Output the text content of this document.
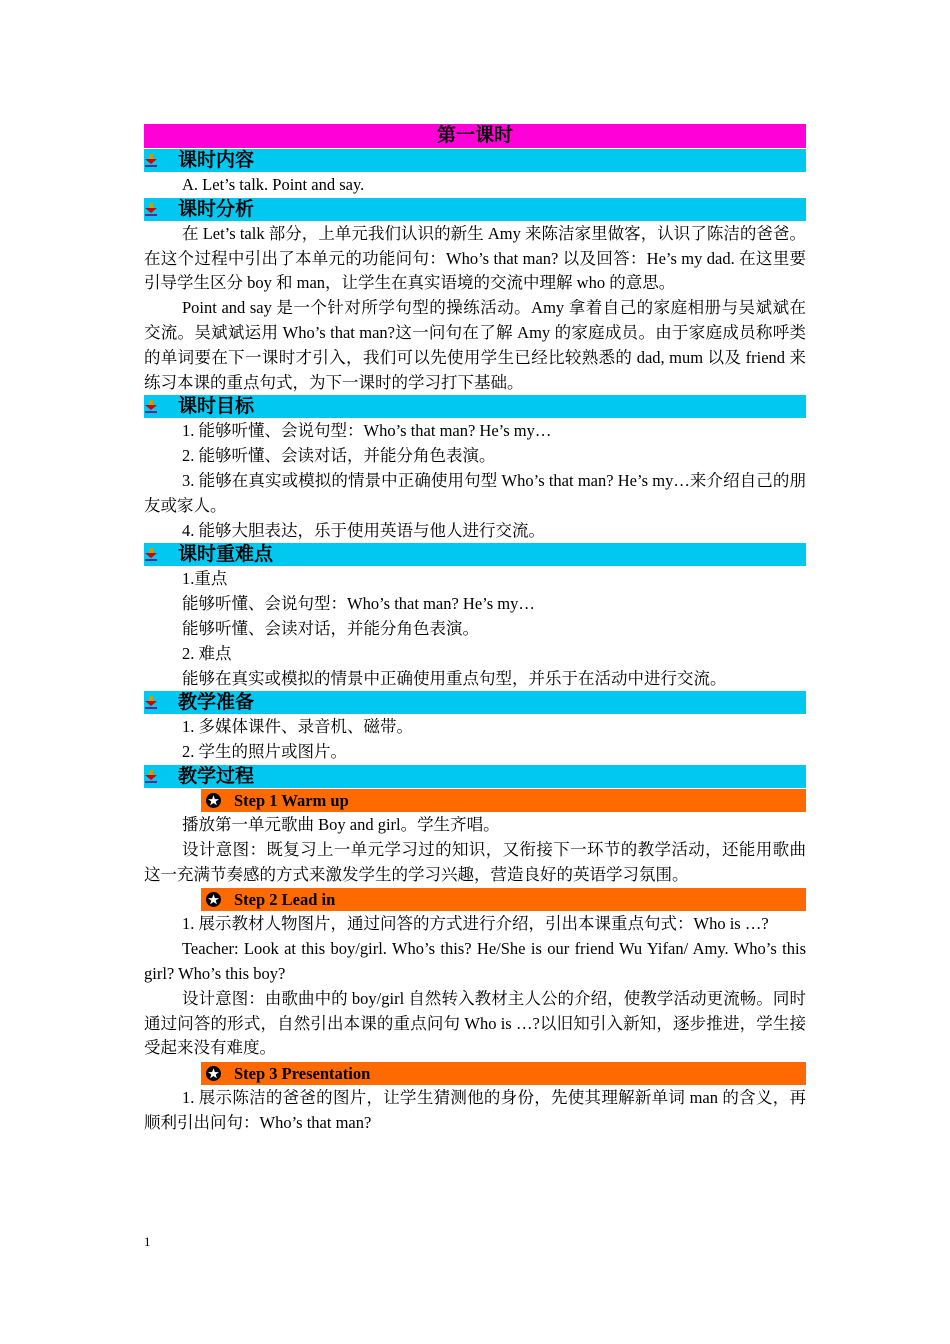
第一课时
课时内容

A. Let’s talk. Point and say.

课时分析

在 Let’s talk 部分，上单元我们认识的新生 Amy 来陈洁家里做客，认识了陈洁的爸爸。在这个过程中引出了本单元的功能问句：Who’s that man? 以及回答：He’s my dad. 在这里要引导学生区分 boy 和 man，让学生在真实语境的交流中理解 who 的意思。

Point and say 是一个针对所学句型的操练活动。Amy 拿着自己的家庭相册与吴斌斌在交流。吴斌斌运用 Who’s that man?这一问句在了解 Amy 的家庭成员。由于家庭成员称呼类的单词要在下一课时才引入，我们可以先使用学生已经比较熟悉的 dad, mum 以及 friend 来练习本课的重点句式，为下一课时的学习打下基础。

课时目标

1. 能够听懂、会说句型：Who’s that man? He’s my…

2. 能够听懂、会读对话，并能分角色表演。

3. 能够在真实或模拟的情景中正确使用句型 Who’s that man? He’s my…来介绍自己的朋友或家人。

4. 能够大胆表达，乐于使用英语与他人进行交流。

课时重难点

1.重点

能够听懂、会说句型：Who’s that man? He’s my…

能够听懂、会读对话，并能分角色表演。

2. 难点

能够在真实或模拟的情景中正确使用重点句型，并乐于在活动中进行交流。

教学准备

1. 多媒体课件、录音机、磁带。

2. 学生的照片或图片。

教学过程
Step 1 Warm up

播放第一单元歌曲 Boy and girl。学生齐唱。

设计意图：既复习上一单元学习过的知识，又衔接下一环节的教学活动，还能用歌曲这一充满节奏感的方式来激发学生的学习兴趣，营造良好的英语学习氛围。

Step 2 Lead in

1. 展示教材人物图片，通过问答的方式进行介绍，引出本课重点句式：Who is …?

Teacher: Look at this boy/girl. Who’s this? He/She is our friend Wu Yifan/ Amy. Who’s this girl? Who’s this boy?

设计意图：由歌曲中的 boy/girl 自然转入教材主人公的介绍，使教学活动更流畅。同时通过问答的形式，自然引出本课的重点问句 Who is …?以旧知引入新知，逐步推进，学生接受起来没有难度。

Step 3 Presentation

1. 展示陈洁的爸爸的图片，让学生猜测他的身份，先使其理解新单词 man 的含义，再顺利引出问句：Who’s that man?

1
